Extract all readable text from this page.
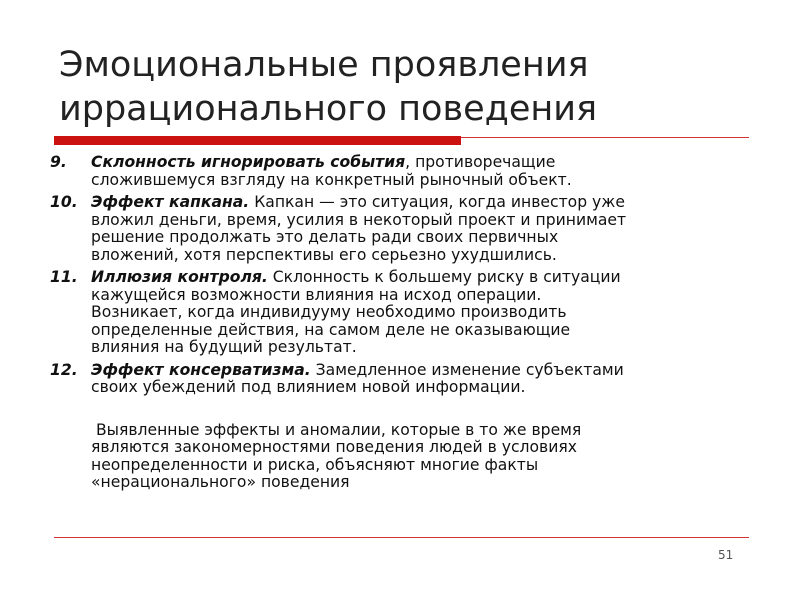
Эмоциональные проявления
иррационального поведения
9. Склонность игнорировать события, противоречащие
сложившемуся взгляду на конкретный рыночный объект.
10. Эффект капкана. Капкан — это ситуация, когда инвестор уже
вложил деньги, время, усилия в некоторый проект и принимает
решение продолжать это делать ради своих первичных
вложений, хотя перспективы его серьезно ухудшились.
11. Иллюзия контроля. Склонность к большему риску в ситуации
кажущейся возможности влияния на исход операции.
Возникает, когда индивидууму необходимо производить
определенные действия, на самом деле не оказывающие
влияния на будущий результат.
12. Эффект консерватизма. Замедленное изменение субъектами
своих убеждений под влиянием новой информации.
Выявленные эффекты и аномалии, которые в то же время
являются закономерностями поведения людей в условиях
неопределенности и риска, объясняют многие факты
«нерационального» поведения
51
